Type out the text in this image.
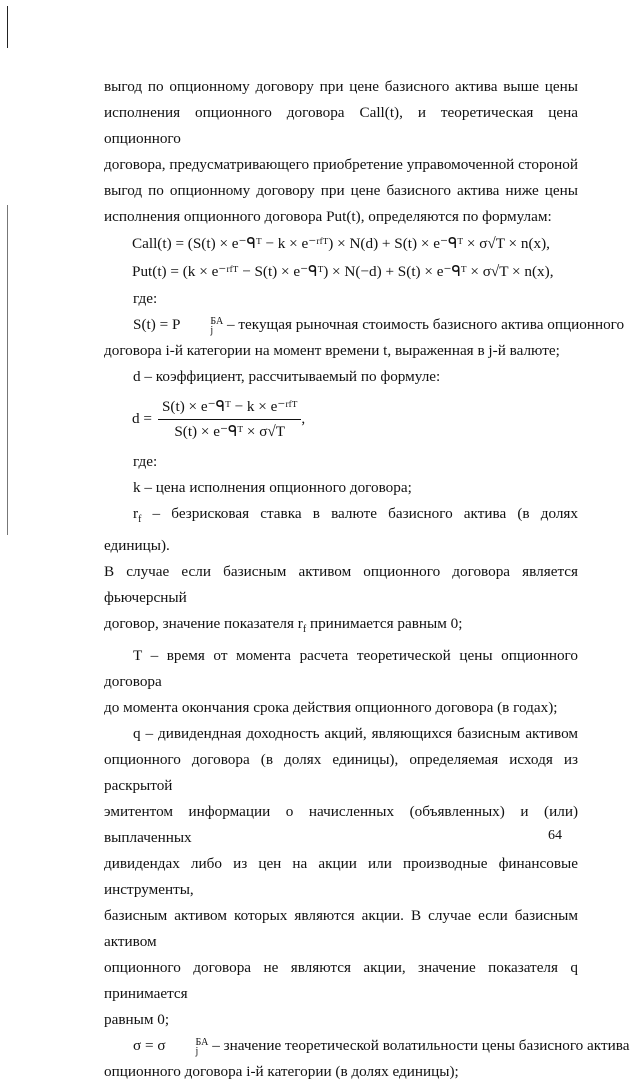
выгод по опционному договору при цене базисного актива выше цены

исполнения опционного договора Call(t), и теоретическая цена опционного

договора, предусматривающего приобретение управомоченной стороной

выгод по опционному договору при цене базисного актива ниже цены

исполнения опционного договора Put(t), определяются по формулам:

Call(t) = (S(t) × e⁻ᑫᵀ − k × e⁻ʳᶠᵀ) × N(d) + S(t) × e⁻ᑫᵀ × σ√T × n(x),

Put(t) = (k × e⁻ʳᶠᵀ − S(t) × e⁻ᑫᵀ) × N(−d) + S(t) × e⁻ᑫᵀ × σ√T × n(x),

где:

S(t) = P	БА
j – текущая рыночная стоимость базисного актива опционного

договора i-й категории на момент времени t, выраженная в j-й валюте;

d – коэффициент, рассчитываемый по формуле:

$d = \frac{\text{S(t) × e⁻ᑫᵀ − k × e⁻ʳᶠᵀ}}{\text{S(t) × e⁻ᑫᵀ × σ√T}}$ ,

где:

k – цена исполнения опционного договора;

$r_f$ – безрисковая ставка в валюте базисного актива (в долях единицы).

В случае если базисным активом опционного договора является фьючерсный

договор, значение показателя $r_f$ принимается равным 0;

T – время от момента расчета теоретической цены опционного договора

до момента окончания срока действия опционного договора (в годах);

q – дивидендная доходность акций, являющихся базисным активом

опционного договора (в долях единицы), определяемая исходя из раскрытой

эмитентом информации о начисленных (объявленных) и (или) выплаченных

дивидендах либо из цен на акции или производные финансовые инструменты,

базисным активом которых являются акции. В случае если базисным активом

опционного договора не являются акции, значение показателя q принимается

равным 0;

σ = σ	БА
j – значение теоретической волатильности цены базисного актива

опционного договора i-й категории (в долях единицы);

64
